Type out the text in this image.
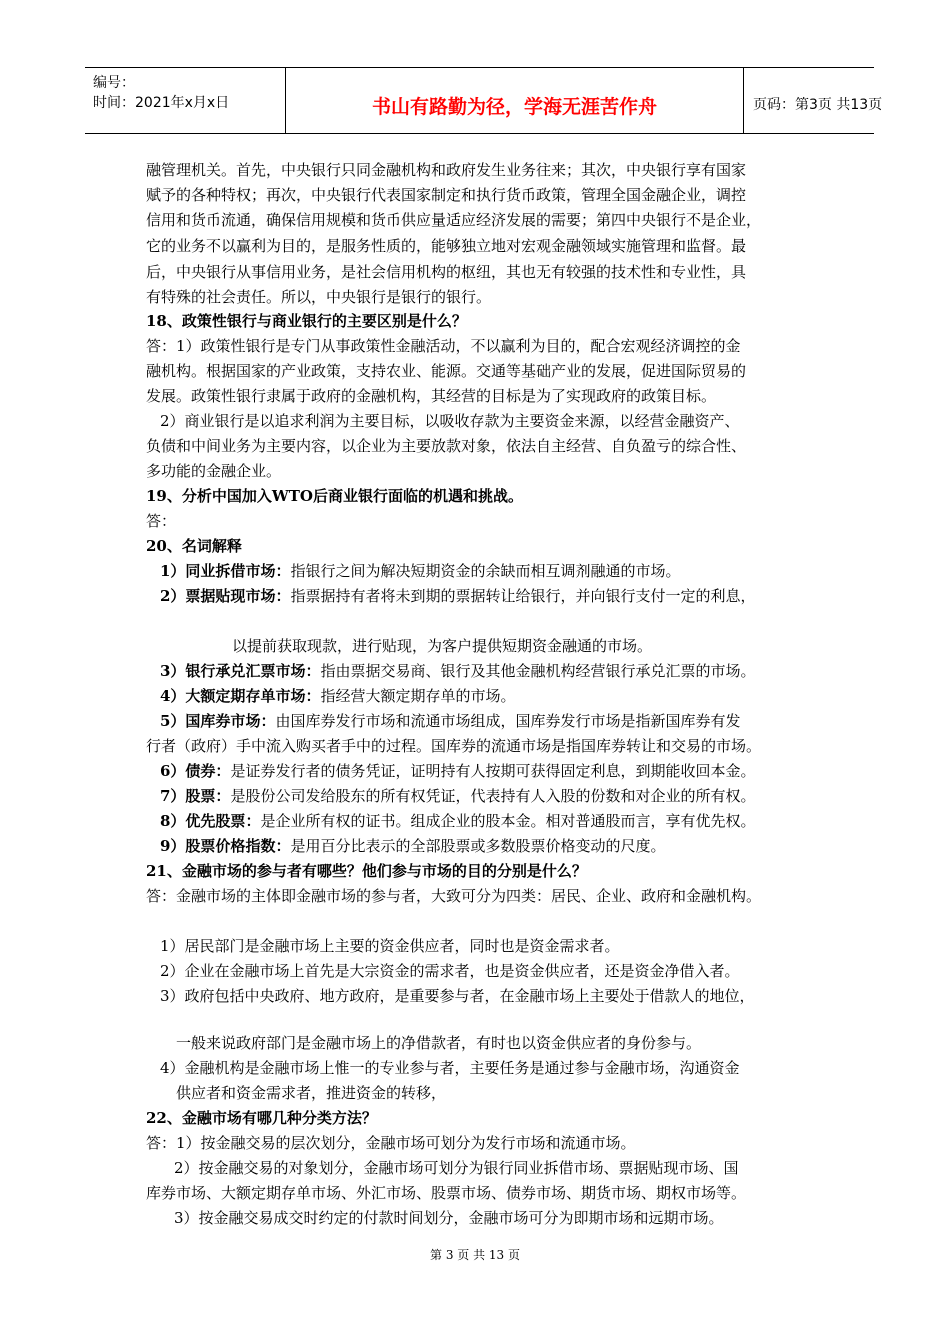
编号：
时间：2021年x月x日	书山有路勤为径，学海无涯苦作舟	页码：第3页 共13页
融管理机关。首先，中央银行只同金融机构和政府发生业务往来；其次，中央银行享有国家
赋予的各种特权；再次，中央银行代表国家制定和执行货币政策，管理全国金融企业，调控
信用和货币流通，确保信用规模和货币供应量适应经济发展的需要；第四中央银行不是企业，
它的业务不以赢利为目的，是服务性质的，能够独立地对宏观金融领域实施管理和监督。最
后，中央银行从事信用业务，是社会信用机构的枢纽，其也无有较强的技术性和专业性，具
有特殊的社会责任。所以，中央银行是银行的银行。
18、政策性银行与商业银行的主要区别是什么？
答：1）政策性银行是专门从事政策性金融活动，不以赢利为目的，配合宏观经济调控的金
融机构。根据国家的产业政策，支持农业、能源。交通等基础产业的发展，促进国际贸易的
发展。政策性银行隶属于政府的金融机构，其经营的目标是为了实现政府的政策目标。
2）商业银行是以追求利润为主要目标，以吸收存款为主要资金来源，以经营金融资产、
负债和中间业务为主要内容，以企业为主要放款对象，依法自主经营、自负盈亏的综合性、
多功能的金融企业。
19、分析中国加入WTO后商业银行面临的机遇和挑战。
答：
20、名词解释
1）同业拆借市场：指银行之间为解决短期资金的余缺而相互调剂融通的市场。
2）票据贴现市场：指票据持有者将未到期的票据转让给银行，并向银行支付一定的利息，
以提前获取现款，进行贴现，为客户提供短期资金融通的市场。
3）银行承兑汇票市场：指由票据交易商、银行及其他金融机构经营银行承兑汇票的市场。
4）大额定期存单市场：指经营大额定期存单的市场。
5）国库券市场：由国库券发行市场和流通市场组成，国库券发行市场是指新国库券有发
行者（政府）手中流入购买者手中的过程。国库券的流通市场是指国库券转让和交易的市场。
6）债券：是证券发行者的债务凭证，证明持有人按期可获得固定利息，到期能收回本金。
7）股票：是股份公司发给股东的所有权凭证，代表持有人入股的份数和对企业的所有权。
8）优先股票：是企业所有权的证书。组成企业的股本金。相对普通股而言，享有优先权。
9）股票价格指数：是用百分比表示的全部股票或多数股票价格变动的尺度。
21、金融市场的参与者有哪些？他们参与市场的目的分别是什么？
答：金融市场的主体即金融市场的参与者，大致可分为四类：居民、企业、政府和金融机构。
1）居民部门是金融市场上主要的资金供应者，同时也是资金需求者。
2）企业在金融市场上首先是大宗资金的需求者，也是资金供应者，还是资金净借入者。
3）政府包括中央政府、地方政府，是重要参与者，在金融市场上主要处于借款人的地位，
一般来说政府部门是金融市场上的净借款者，有时也以资金供应者的身份参与。
4）金融机构是金融市场上惟一的专业参与者，主要任务是通过参与金融市场，沟通资金
供应者和资金需求者，推进资金的转移，
22、金融市场有哪几种分类方法？
答：1）按金融交易的层次划分，金融市场可划分为发行市场和流通市场。
2）按金融交易的对象划分，金融市场可划分为银行同业拆借市场、票据贴现市场、国
库券市场、大额定期存单市场、外汇市场、股票市场、债券市场、期货市场、期权市场等。
3）按金融交易成交时约定的付款时间划分，金融市场可分为即期市场和远期市场。
第 3 页 共 13 页
